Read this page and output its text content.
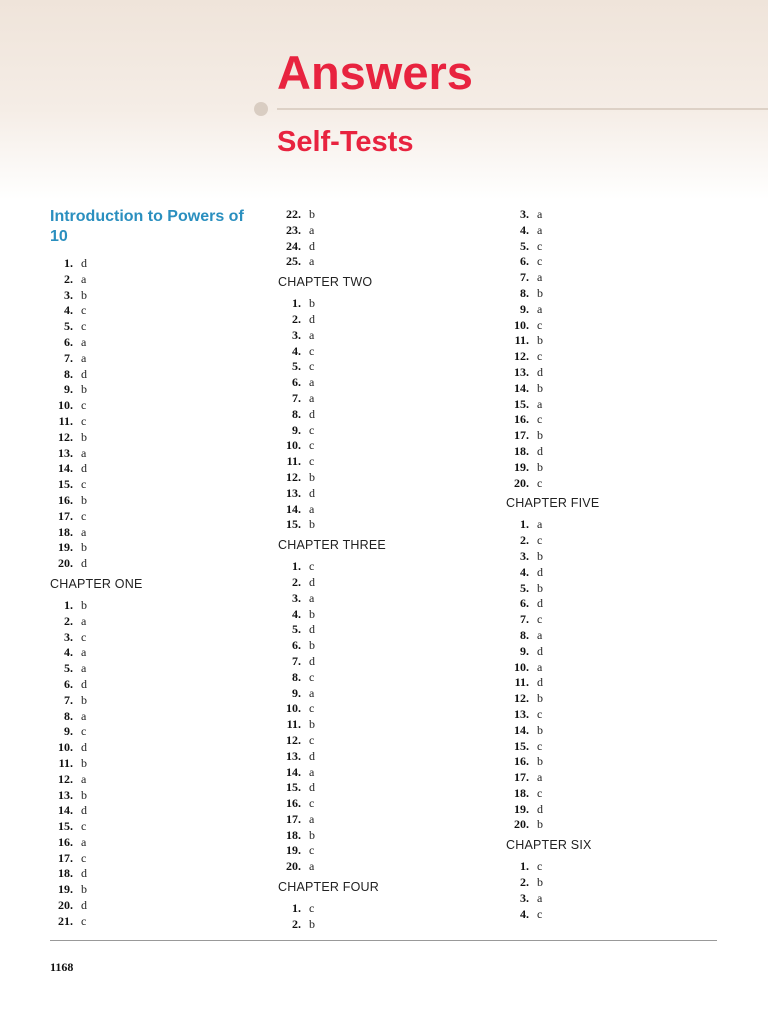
Answers
Self-Tests
Introduction to Powers of 10
1. d
2. a
3. b
4. c
5. c
6. a
7. a
8. d
9. b
10. c
11. c
12. b
13. a
14. d
15. c
16. b
17. c
18. a
19. b
20. d
CHAPTER ONE
1. b
2. a
3. c
4. a
5. a
6. d
7. b
8. a
9. c
10. d
11. b
12. a
13. b
14. d
15. c
16. a
17. c
18. d
19. b
20. d
21. c
22. b
23. a
24. d
25. a
CHAPTER TWO
1. b
2. d
3. a
4. c
5. c
6. a
7. a
8. d
9. c
10. c
11. c
12. b
13. d
14. a
15. b
CHAPTER THREE
1. c
2. d
3. a
4. b
5. d
6. b
7. d
8. c
9. a
10. c
11. b
12. c
13. d
14. a
15. d
16. c
17. a
18. b
19. c
20. a
CHAPTER FOUR
1. c
2. b
3. a
4. a
5. c
6. c
7. a
8. b
9. a
10. c
11. b
12. c
13. d
14. b
15. a
16. c
17. b
18. d
19. b
20. c
CHAPTER FIVE
1. a
2. c
3. b
4. d
5. b
6. d
7. c
8. a
9. d
10. a
11. d
12. b
13. c
14. b
15. c
16. b
17. a
18. c
19. d
20. b
CHAPTER SIX
1. c
2. b
3. a
4. c
1168
